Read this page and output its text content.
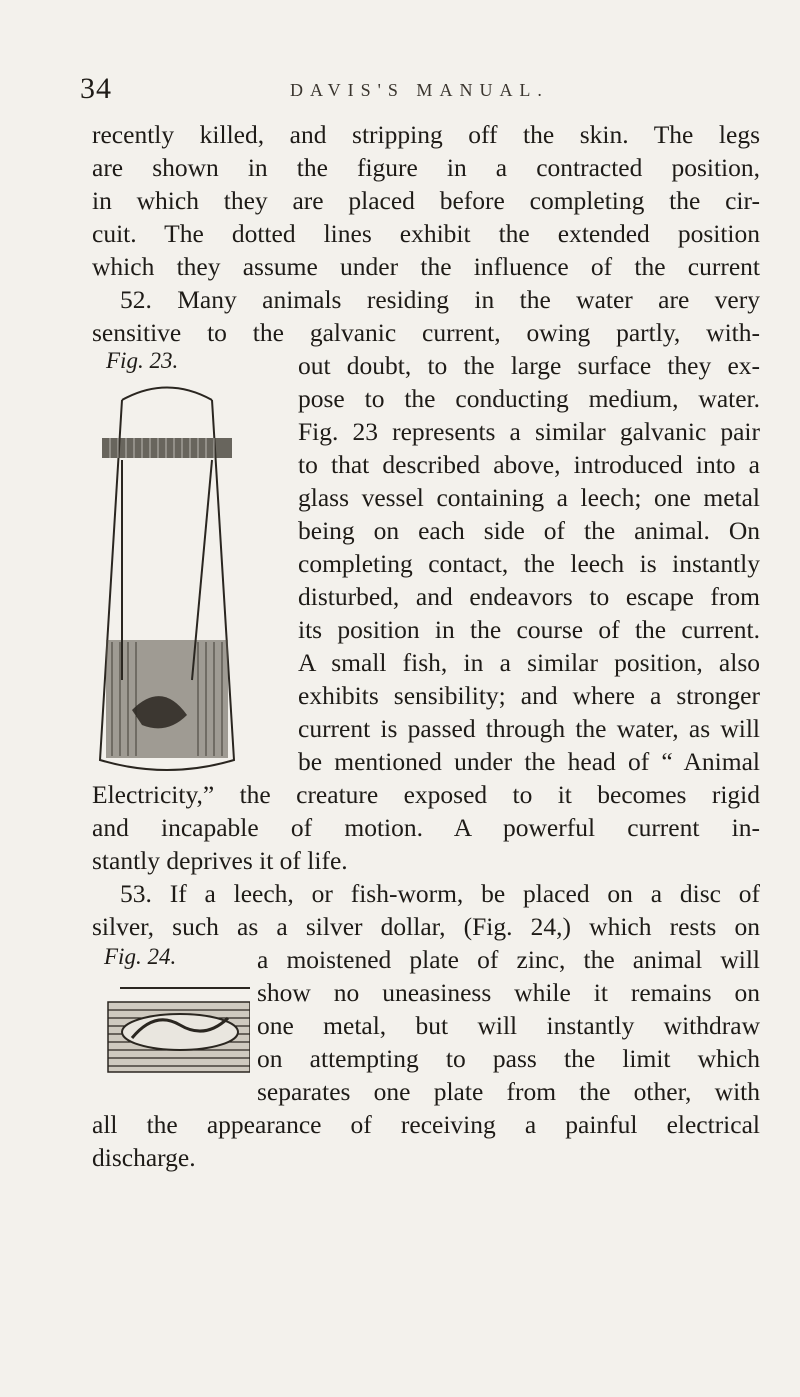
34	DAVIS'S MANUAL.
recently killed, and stripping off the skin. The legs
are shown in the figure in a contracted position,
in which they are placed before completing the cir-
cuit. The dotted lines exhibit the extended position
which they assume under the influence of the current
52. Many animals residing in the water are very
sensitive to the galvanic current, owing partly, with-
out doubt, to the large surface they ex-
pose to the conducting medium, water.
Fig. 23 represents a similar galvanic pair
to that described above, introduced into a
glass vessel containing a leech; one metal
being on each side of the animal. On
completing contact, the leech is instantly
disturbed, and endeavors to escape from
its position in the course of the current.
A small fish, in a similar position, also
exhibits sensibility; and where a stronger
current is passed through the water, as will
be mentioned under the head of “ Animal
Electricity,” the creature exposed to it becomes rigid
and incapable of motion. A powerful current in-
stantly deprives it of life.
53. If a leech, or fish-worm, be placed on a disc of
silver, such as a silver dollar, (Fig. 24,) which rests on
a moistened plate of zinc, the animal will
show no uneasiness while it remains on
one metal, but will instantly withdraw
on attempting to pass the limit which
separates one plate from the other, with
all the appearance of receiving a painful electrical
discharge.
Fig. 23.
Fig. 24.
